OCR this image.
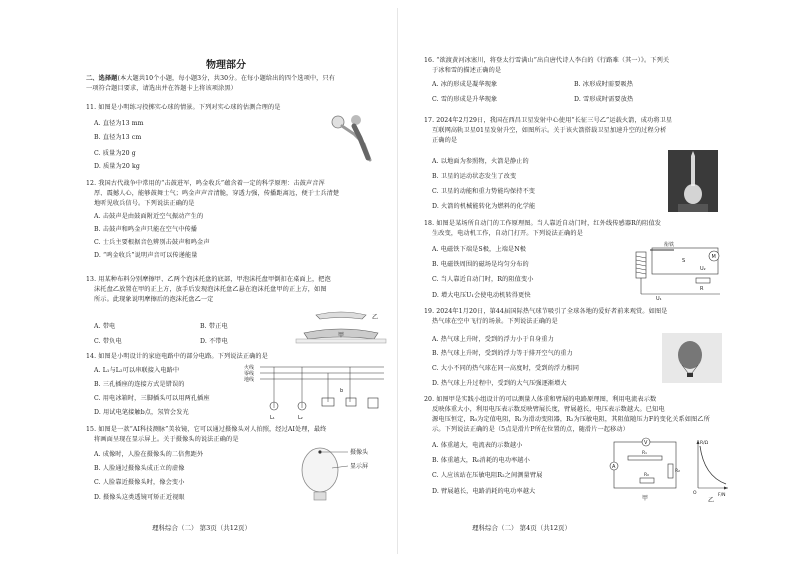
物理部分
二、选择题(本大题共10个小题，每小题3分，共30分。在每小题给出的四个选项中，只有
一项符合题目要求，请选出并在答题卡上将该项涂黑）
11. 如图是小明练习投掷实心球的情景。下列对实心球的估测合理的是
A. 直径为13 mm
B. 直径为13 cm
C. 质量为20 g
D. 质量为20 kg
12. 我国古代战争中常用的“击鼓进军，鸣金收兵”蕴含着一定的科学原理：击鼓声音浑
厚、震撼人心，能够鼓舞士气；鸣金声声音清脆，穿透力强，传播距离远，便于士兵清楚
地听见收兵信号。下列说法正确的是
A. 击鼓声是由鼓面附近空气振动产生的
B. 击鼓声和鸣金声只能在空气中传播
C. 士兵主要根据音色辨别击鼓声和鸣金声
D. “鸣金收兵”说明声音可以传递能量
13. 用某种布料分别摩擦甲、乙两个泡沫托盘的底部，甲泡沫托盘甲倒扣在桌面上，把泡
沫托盘乙放置在甲的正上方，放手后发现泡沫托盘乙悬在泡沫托盘甲的正上方，如图
所示。此现象说明摩擦后的泡沫托盘乙一定
A. 带电	B. 带正电
C. 带负电	D. 不带电
乙
甲
14. 如图是小明设计的家庭电路中的部分电路。下列说法正确的是
A. L₁与L₂可以串联接入电路中
B. 三孔插座的连接方式是错误的
C. 用电冰箱时，三脚插头可以用两孔插座
D. 用试电笔接触b点，氖管会发光
火线
零线
地线
L₁	L₂
b
15. 如图是一款“AI科技测脉”美妆镜，它可以通过摄像头对人拍照，经过AI处理，最终
将画面呈现在显示屏上。关于摄像头的说法正确的是
A. 成像时，人脸在摄像头的二倍焦距外
B. 人脸通过摄像头成正立的虚像
C. 人脸靠近摄像头时，像会变小
D. 摄像头这类透镜可矫正近视眼
摄像头
显示屏
理科综合（二） 第3页（共12页）
16. “欲渡黄河冰塞川，将登太行雪满山”出自唐代诗人李白的《行路难（其一）》。下列关
于冰和雪的描述正确的是
A. 冰的形成是凝华现象	B. 冰形成时需要吸热
C. 雪的形成是升华现象	D. 雪形成时需要放热
17. 2024年2月29日，我国在西昌卫星发射中心使用“长征三号乙”运载火箭，成功将卫星
互联网高轨卫星01星发射升空，如图所示。关于该火箭搭载卫星加速升空的过程分析
正确的是
A. 以地面为参照物，火箭是静止的
B. 卫星的运动状态发生了改变
C. 卫星的动能和重力势能均保持不变
D. 火箭的机械能转化为燃料的化学能
18. 如图是某场所自动门的工作原理图。当人靠近自动门时，红外线传感器R的阻值发
生改变，电动机工作，自动门打开。下列说法正确的是
A. 电磁铁下端是S极，上端是N极
B. 电磁铁周围的磁场是均匀分布的
C. 当人靠近自动门时，R的阻值变小
D. 增大电压U₁会使电动机转得更快
衔铁
M
U₂
S
R
U₁
19. 2024年1月20日，第44届国际热气球节吸引了全球各地的爱好者前来观赏。如图是
热气球在空中飞行的场景。下列说法正确的是
A. 热气球上升时，受到的浮力小于自身重力
B. 热气球上升时，受到的浮力等于排开空气的重力
C. 大小不同的热气球在同一高度时，受到的浮力相同
D. 热气球上升过程中，受到的大气压强逐渐增大
20. 如图甲是实践小组设计的可以测量人体重和臂展的电路原理图，利用电流表示数
反映体重大小，利用电压表示数反映臂展长度，臂展越长，电压表示数越大。已知电
源电压恒定，R₀为定值电阻，R₁为滑动变阻器，R₂为压敏电阻，其阻值随压力F的变化关系如图乙所
示。下列说法正确的是（5点是滑片P所在位置的点，随滑片一起移动）
A. 体重越大，电流表的示数越小
B. 体重越大，R₀消耗的电功率越小
C. 人应该站在压敏电阻R₂之间测量臂展
D. 臂展越长，电路消耗的电功率越大
V
R₁
A
R₀
R₂
甲
R/Ω
F/N
O
乙
理科综合（二） 第4页（共12页）
